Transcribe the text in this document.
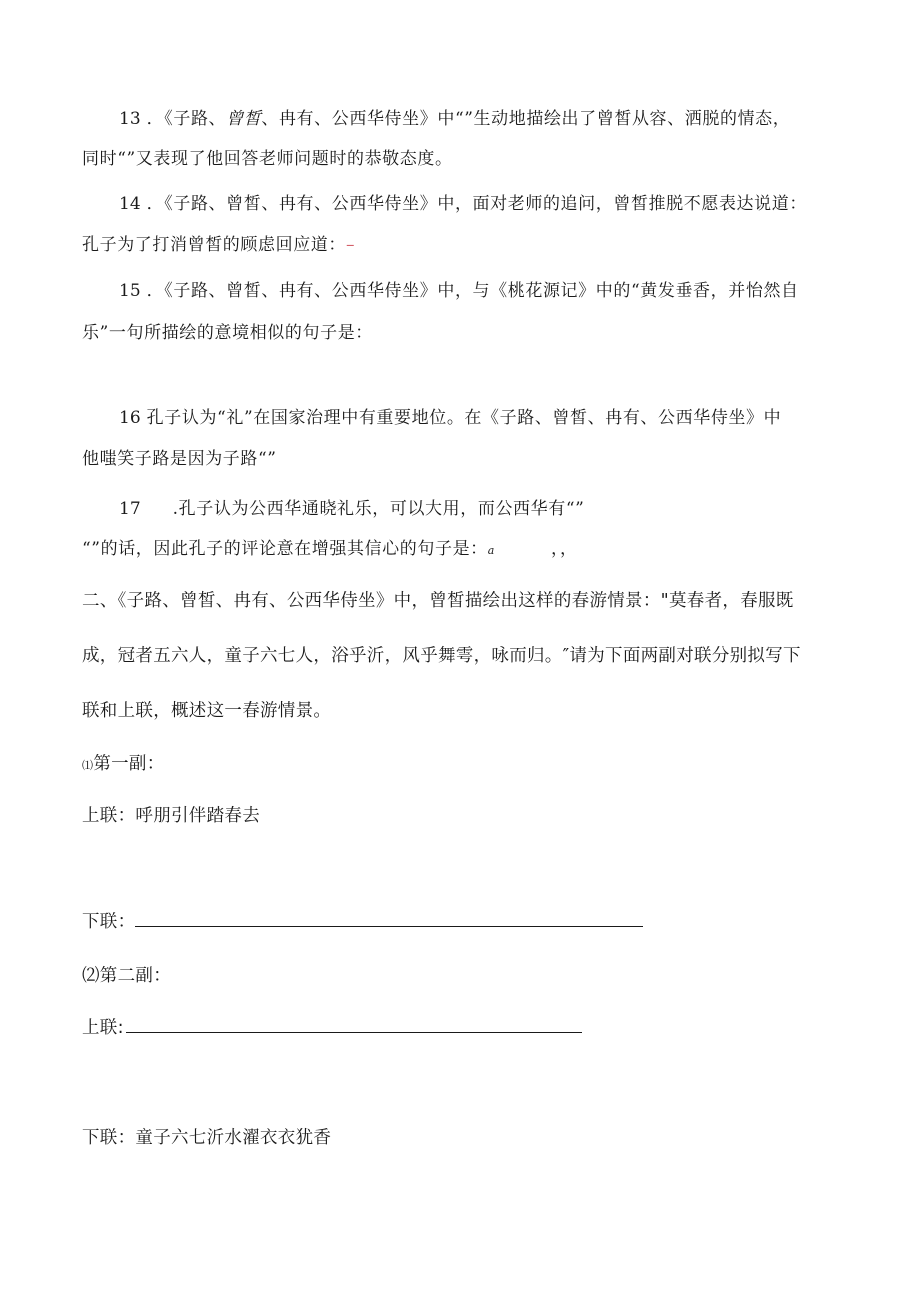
13 ．《子路、曾皙、冉有、公西华侍坐》中“”生动地描绘出了曾皙从容、洒脱的情态，
同时“”又表现了他回答老师问题时的恭敬态度。
14 ．《子路、曾皙、冉有、公西华侍坐》中，面对老师的追问，曾皙推脱不愿表达说道：
孔子为了打消曾皙的顾虑回应道：–
15 ．《子路、曾皙、冉有、公西华侍坐》中，与《桃花源记》中的“黄发垂香，并怡然自
乐”一句所描绘的意境相似的句子是：
16 孔子认为“礼”在国家治理中有重要地位。在《子路、曾皙、冉有、公西华侍坐》中
他嗤笑子路是因为子路“”
17 .孔子认为公西华通晓礼乐，可以大用，而公西华有“”
“”的话，因此孔子的评论意在增强其信心的句子是：a	，，
二、《子路、曾皙、冉有、公西华侍坐》中，曾皙描绘出这样的春游情景："莫春者，春服既
成，冠者五六人，童子六七人，浴乎沂，风乎舞雩，咏而归。″请为下面两副对联分别拟写下
联和上联，概述这一春游情景。
⑴第一副：
上联：呼朋引伴踏春去
下联：
⑵第二副：
上联:
下联：童子六七沂水濯衣衣犹香
